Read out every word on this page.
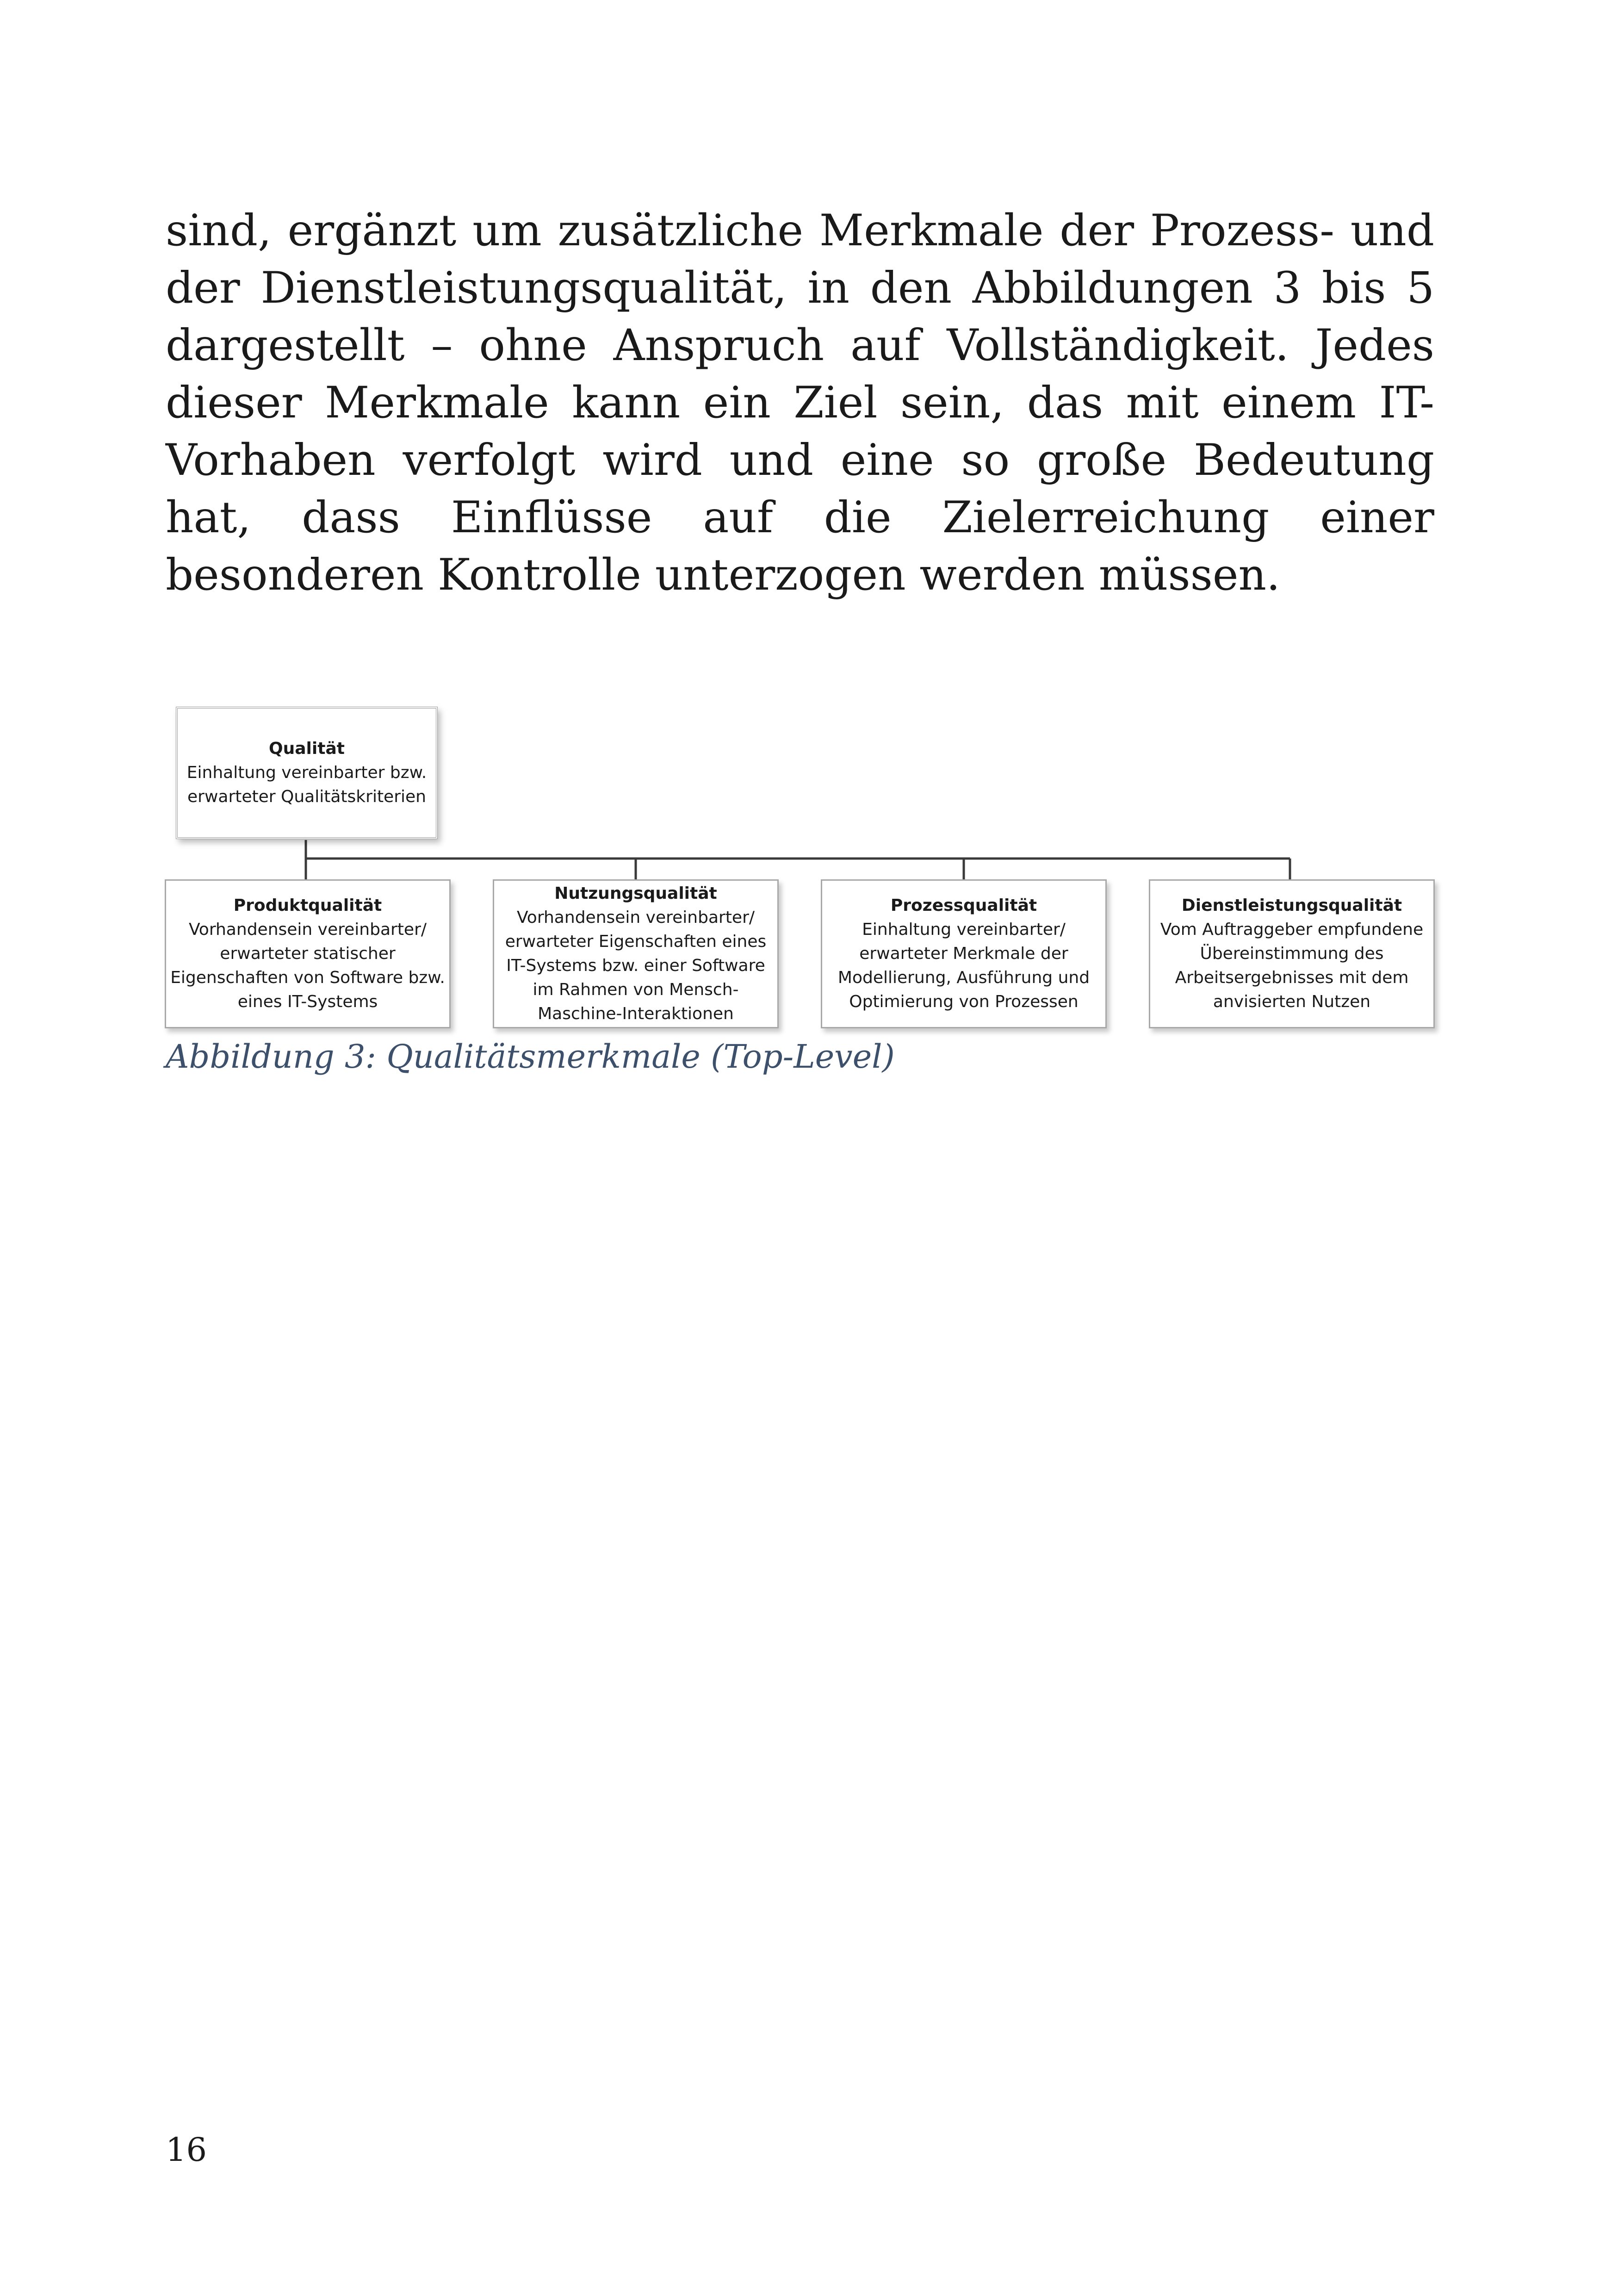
sind, ergänzt um zusätzliche Merkmale der Prozess- und der Dienstleistungsqualität, in den Abbildungen 3 bis 5 dargestellt – ohne Anspruch auf Vollständigkeit. Jedes dieser Merkmale kann ein Ziel sein, das mit einem IT-Vorhaben verfolgt wird und eine so große Bedeutung hat, dass Einflüsse auf die Zielerreichung einer besonderen Kontrolle unterzogen werden müssen.

Qualität
Einhaltung vereinbarter bzw.
erwarteter Qualitätskriterien
Produktqualität
Vorhandensein vereinbarter/
erwarteter statischer
Eigenschaften von Software bzw.
eines IT-Systems
Nutzungsqualität
Vorhandensein vereinbarter/
erwarteter Eigenschaften eines
IT-Systems bzw. einer Software
im Rahmen von Mensch-
Maschine-Interaktionen
Prozessqualität
Einhaltung vereinbarter/
erwarteter Merkmale der
Modellierung, Ausführung und
Optimierung von Prozessen
Dienstleistungsqualität
Vom Auftraggeber empfundene
Übereinstimmung des
Arbeitsergebnisses mit dem
anvisierten Nutzen

Abbildung 3: Qualitätsmerkmale (Top-Level)

16
